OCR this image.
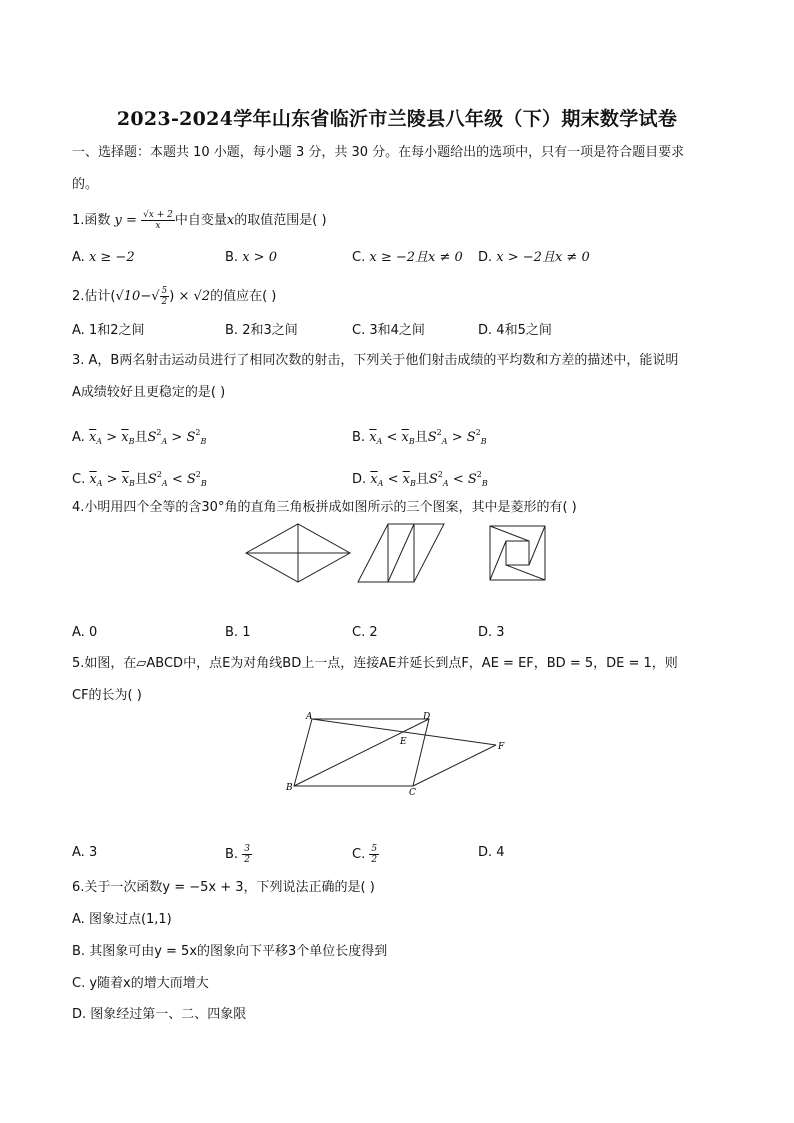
2023-2024学年山东省临沂市兰陵县八年级（下）期末数学试卷
一、选择题：本题共 10 小题，每小题 3 分，共 30 分。在每小题给出的选项中，只有一项是符合题目要求
的。
1.函数 $y = \frac{√x + 2}{x}$ 中自变量x的取值范围是( )
A. x ≥ −2	B. x > 0	C. x ≥ −2且x ≠ 0 D. x > −2且x ≠ 0
2.估计($√10-√ \frac{5}{2}$ ) × √2的值应在( )
A. 1和2之间	B. 2和3之间	C. 3和4之间	D. 4和5之间
3. A，B两名射击运动员进行了相同次数的射击，下列关于他们射击成绩的平均数和方差的描述中，能说明
A成绩较好且更稳定的是( )
A. $\overline{x}_A > \overline{x}_B$且$S^2_A > S^2_B$	B. $\overline{x}_A < \overline{x}_B$且$S^2_A > S^2_B$
C. $\overline{x}_A > \overline{x}_B$且$S^2_A < S^2_B$	D. $\overline{x}_A < \overline{x}_B$且$S^2_A < S^2_B$
4.小明用四个全等的含30°角的直角三角板拼成如图所示的三个图案，其中是菱形的有( )
A. 0	B. 1	C. 2	D. 3
5.如图，在▱ABCD中，点E为对角线BD上一点，连接AE并延长到点F，AE = EF，BD = 5，DE = 1，则
CF的长为( )
A	D
E	F
B	C
A. 3	B. $\frac{3}{2}$	C. $\frac{5}{2}$	D. 4
6.关于一次函数y = −5x + 3，下列说法正确的是( )
A. 图象过点(1,1)
B. 其图象可由y = 5x的图象向下平移3个单位长度得到
C. y随着x的增大而增大
D. 图象经过第一、二、四象限
